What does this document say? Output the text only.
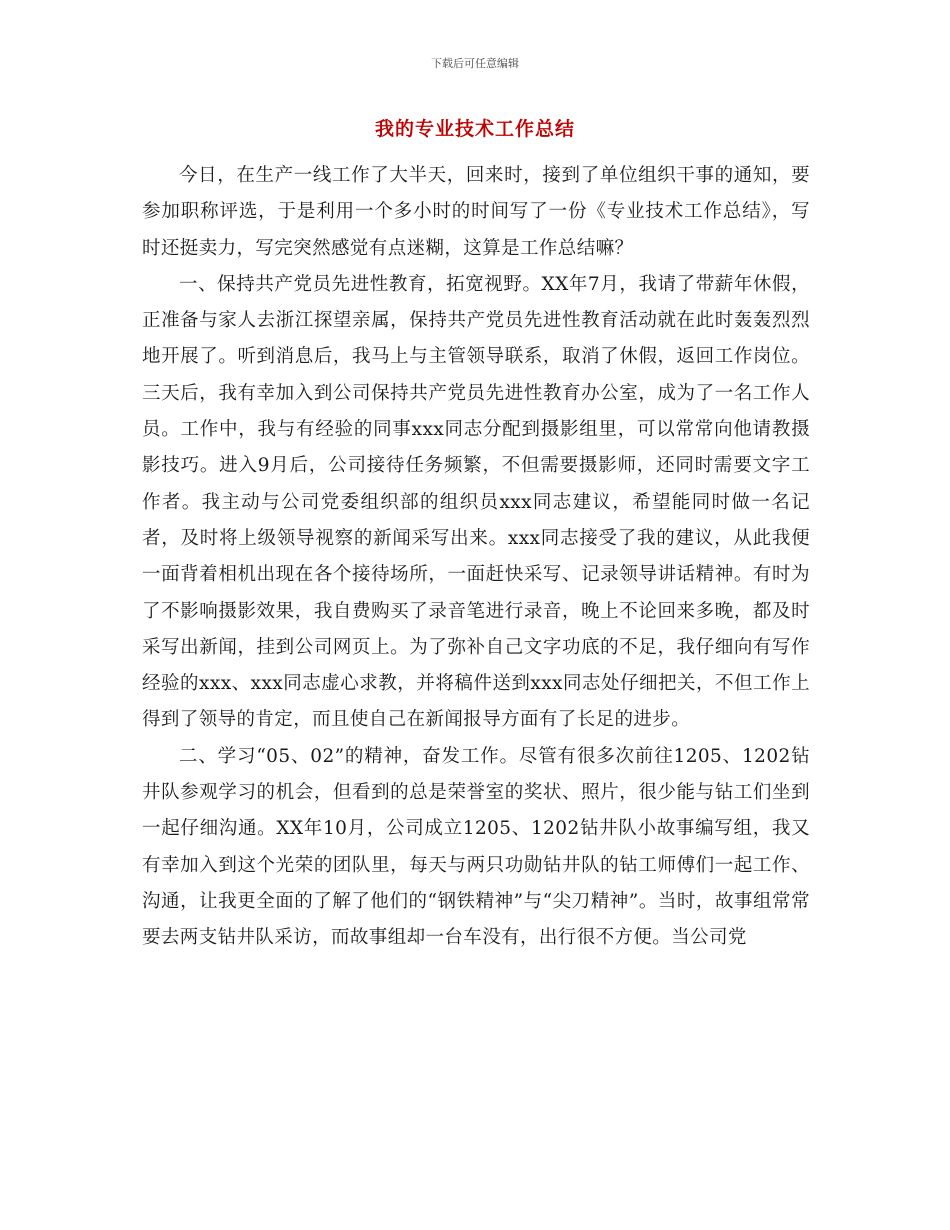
下载后可任意编辑
我的专业技术工作总结

今日，在生产一线工作了大半天，回来时，接到了单位组织干事的通知，要参加职称评选，于是利用一个多小时的时间写了一份《专业技术工作总结》，写时还挺卖力，写完突然感觉有点迷糊，这算是工作总结嘛？

一、保持共产党员先进性教育，拓宽视野。XX年7月，我请了带薪年休假，正准备与家人去浙江探望亲属，保持共产党员先进性教育活动就在此时轰轰烈烈地开展了。听到消息后，我马上与主管领导联系，取消了休假，返回工作岗位。三天后，我有幸加入到公司保持共产党员先进性教育办公室，成为了一名工作人员。工作中，我与有经验的同事xxx同志分配到摄影组里，可以常常向他请教摄影技巧。进入9月后，公司接待任务频繁，不但需要摄影师，还同时需要文字工作者。我主动与公司党委组织部的组织员xxx同志建议，希望能同时做一名记者，及时将上级领导视察的新闻采写出来。xxx同志接受了我的建议，从此我便一面背着相机出现在各个接待场所，一面赶快采写、记录领导讲话精神。有时为了不影响摄影效果，我自费购买了录音笔进行录音，晚上不论回来多晚，都及时采写出新闻，挂到公司网页上。为了弥补自己文字功底的不足，我仔细向有写作经验的xxx、xxx同志虚心求教，并将稿件送到xxx同志处仔细把关，不但工作上得到了领导的肯定，而且使自己在新闻报导方面有了长足的进步。

二、学习“05、02”的精神，奋发工作。尽管有很多次前往1205、1202钻井队参观学习的机会，但看到的总是荣誉室的奖状、照片，很少能与钻工们坐到一起仔细沟通。XX年10月，公司成立1205、1202钻井队小故事编写组，我又有幸加入到这个光荣的团队里，每天与两只功勋钻井队的钻工师傅们一起工作、沟通，让我更全面的了解了他们的“钢铁精神”与“尖刀精神”。当时，故事组常常要去两支钻井队采访，而故事组却一台车没有，出行很不方便。当公司党
